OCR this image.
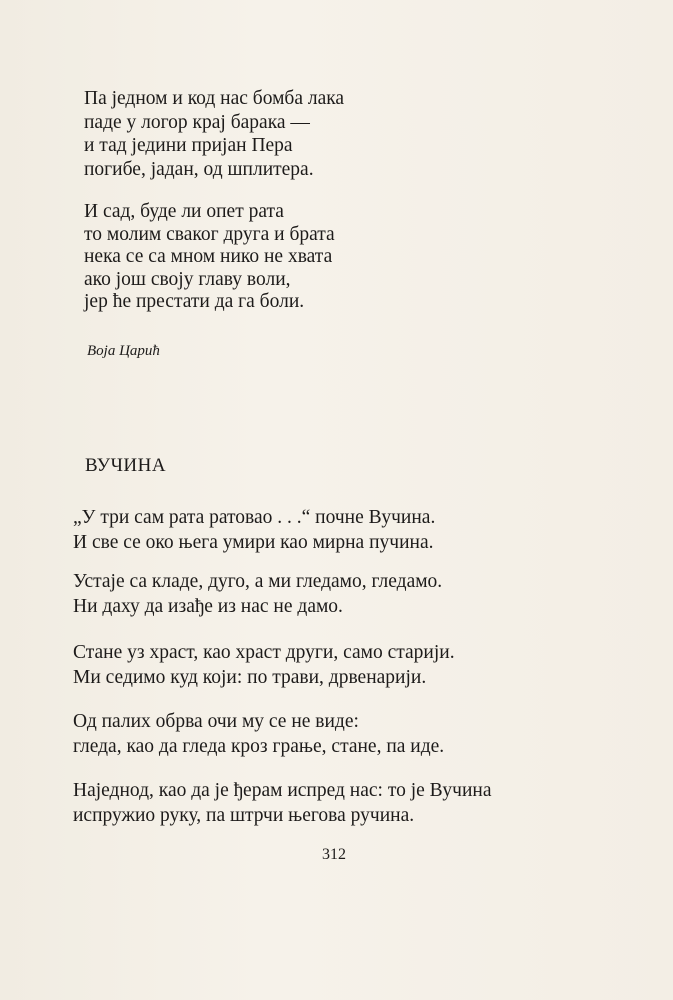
Па једном и код нас бомба лака
паде у логор крај барака —
и тад једини пријан Пера
погибе, јадан, од шплитера.
И сад, буде ли опет рата
то молим сваког друга и брата
нека се са мном нико не хвата
ако још своју главу воли,
јер ће престати да га боли.
Воја Царић
ВУЧИНА
„У три сам рата ратовао . . .“ почне Вучина.
И све се око њега умири као мирна пучина.
Устаје са кладе, дуго, а ми гледамо, гледамо.
Ни даху да изађе из нас не дамо.
Стане уз храст, као храст други, само старији.
Ми седимо куд који: по трави, дрвенарији.
Од палих обрва очи му се не виде:
гледа, као да гледа кроз грање, стане, па иде.
Наједнод, као да је ђерам испред нас: то је Вучина
испружио руку, па штрчи његова ручина.
312
